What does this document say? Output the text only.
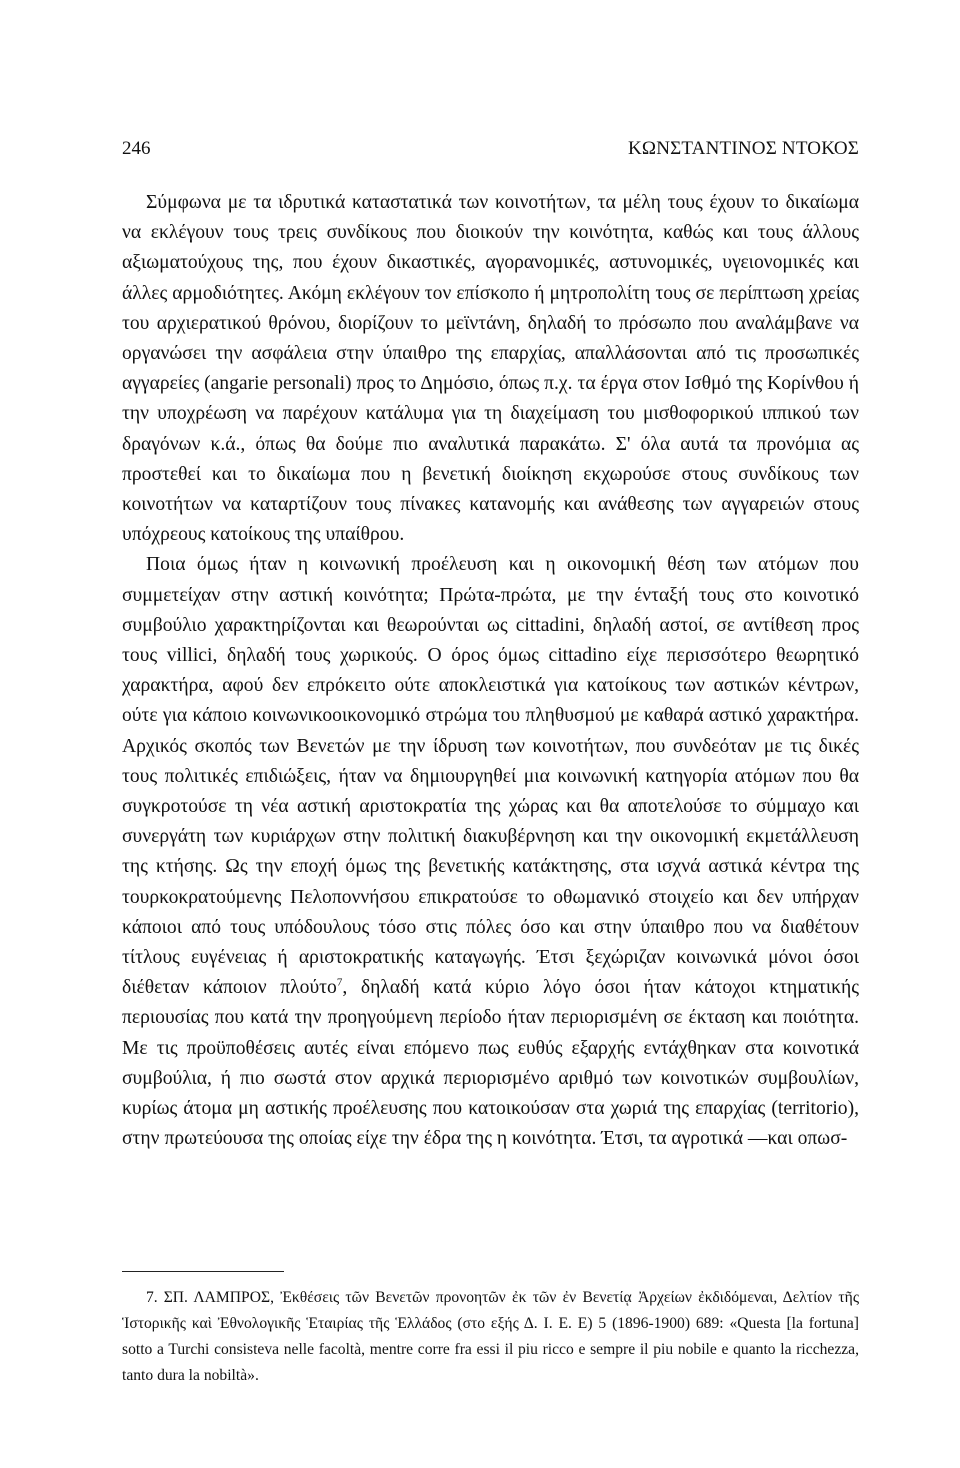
246	ΚΩΝΣΤΑΝΤΙΝΟΣ ΝΤΟΚΟΣ

Σύμφωνα με τα ιδρυτικά καταστατικά των κοινοτήτων, τα μέλη τους έχουν το δικαίωμα να εκλέγουν τους τρεις συνδίκους που διοικούν την κοινότητα, καθώς και τους άλλους αξιωματούχους της, που έχουν δικαστικές, αγορανομικές, αστυνομικές, υγειονομικές και άλλες αρμοδιότητες. Ακόμη εκλέγουν τον επίσκοπο ή μητροπολίτη τους σε περίπτωση χρείας του αρχιερατικού θρόνου, διορίζουν το μεϊντάνη, δηλαδή το πρόσωπο που αναλάμβανε να οργανώσει την ασφάλεια στην ύπαιθρο της επαρχίας, απαλλάσονται από τις προσωπικές αγγαρείες (angarie personali) προς το Δημόσιο, όπως π.χ. τα έργα στον Ισθμό της Κορίνθου ή την υποχρέωση να παρέχουν κατάλυμα για τη διαχείμαση του μισθοφορικού ιππικού των δραγόνων κ.ά., όπως θα δούμε πιο αναλυτικά παρακάτω. Σ' όλα αυτά τα προνόμια ας προστεθεί και το δικαίωμα που η βενετική διοίκηση εκχωρούσε στους συνδίκους των κοινοτήτων να καταρτίζουν τους πίνακες κατανομής και ανάθεσης των αγγαρειών στους υπόχρεους κατοίκους της υπαίθρου.

Ποια όμως ήταν η κοινωνική προέλευση και η οικονομική θέση των ατόμων που συμμετείχαν στην αστική κοινότητα; Πρώτα-πρώτα, με την ένταξή τους στο κοινοτικό συμβούλιο χαρακτηρίζονται και θεωρούνται ως cittadini, δηλαδή αστοί, σε αντίθεση προς τους villici, δηλαδή τους χωρικούς. Ο όρος όμως cittadino είχε περισσότερο θεωρητικό χαρακτήρα, αφού δεν επρόκειτο ούτε αποκλειστικά για κατοίκους των αστικών κέντρων, ούτε για κάποιο κοινωνικοοικονομικό στρώμα του πληθυσμού με καθαρά αστικό χαρακτήρα. Αρχικός σκοπός των Βενετών με την ίδρυση των κοινοτήτων, που συνδεόταν με τις δικές τους πολιτικές επιδιώξεις, ήταν να δημιουργηθεί μια κοινωνική κατηγορία ατόμων που θα συγκροτούσε τη νέα αστική αριστοκρατία της χώρας και θα αποτελούσε το σύμμαχο και συνεργάτη των κυριάρχων στην πολιτική διακυβέρνηση και την οικονομική εκμετάλλευση της κτήσης. Ως την εποχή όμως της βενετικής κατάκτησης, στα ισχνά αστικά κέντρα της τουρκοκρατούμενης Πελοποννήσου επικρατούσε το οθωμανικό στοιχείο και δεν υπήρχαν κάποιοι από τους υπόδουλους τόσο στις πόλες όσο και στην ύπαιθρο που να διαθέτουν τίτλους ευγένειας ή αριστοκρατικής καταγωγής. Έτσι ξεχώριζαν κοινωνικά μόνοι όσοι διέθεταν κάποιον πλούτο$^7$, δηλαδή κατά κύριο λόγο όσοι ήταν κάτοχοι κτηματικής περιουσίας που κατά την προηγούμενη περίοδο ήταν περιορισμένη σε έκταση και ποιότητα. Με τις προϋποθέσεις αυτές είναι επόμενο πως ευθύς εξαρχής εντάχθηκαν στα κοινοτικά συμβούλια, ή πιο σωστά στον αρχικά περιορισμένο αριθμό των κοινοτικών συμβουλίων, κυρίως άτομα μη αστικής προέλευσης που κατοικούσαν στα χωριά της επαρχίας (territorio), στην πρωτεύουσα της οποίας είχε την έδρα της η κοινότητα. Έτσι, τα αγροτικά —και οπωσ-

7. ΣΠ. ΛΑΜΠΡΟΣ, Ἐκθέσεις τῶν Βενετῶν προνοητῶν ἐκ τῶν ἐν Βενετίᾳ Ἀρχείων ἐκδιδόμεναι, Δελτίον τῆς Ἱστορικῆς καὶ Ἐθνολογικῆς Ἑταιρίας τῆς Ἑλλάδος (στο εξής Δ. Ι. Ε. Ε) 5 (1896-1900) 689: «Questa [la fortuna] sotto a Turchi consisteva nelle facoltà, mentre corre fra essi il piu ricco e sempre il piu nobile e quanto la ricchezza, tanto dura la nobiltà».
